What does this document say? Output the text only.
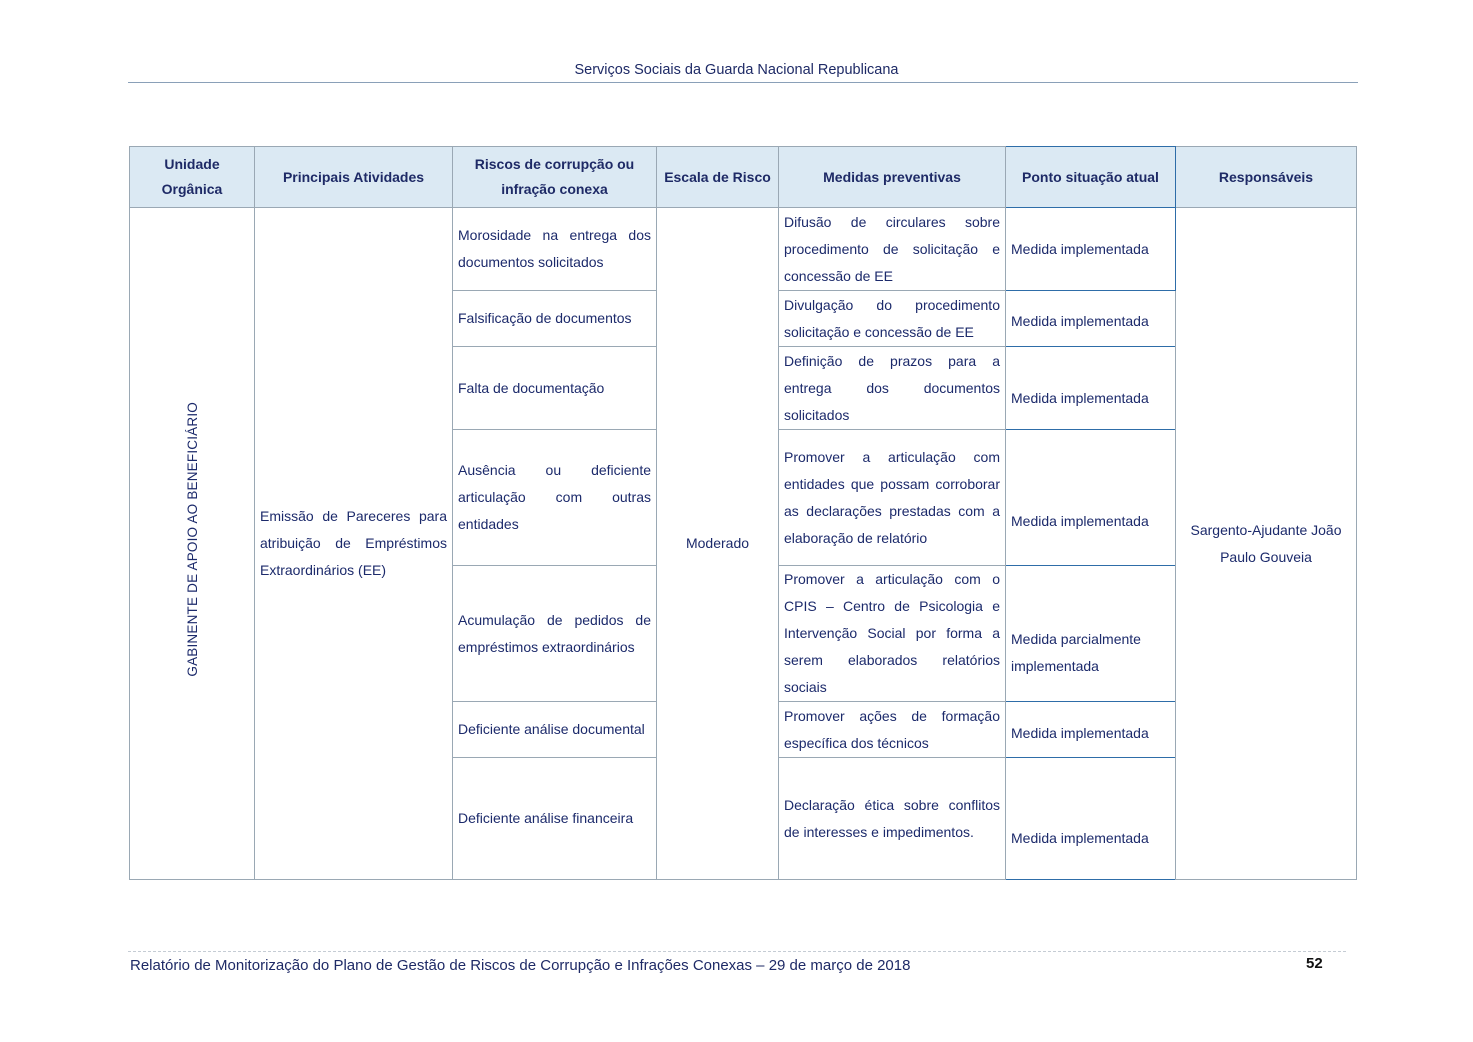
Serviços Sociais da Guarda Nacional Republicana
Unidade Orgânica	Principais Atividades	Riscos de corrupção ou infração conexa	Escala de Risco	Medidas preventivas	Ponto situação atual	Responsáveis
GABINENTE DE APOIO AO BENEFICIÁRIO	Emissão de Pareceres para atribuição de Empréstimos Extraordinários (EE)	Morosidade na entrega dos documentos solicitados	Moderado	Difusão de circulares sobre procedimento de solicitação e concessão de EE	Medida implementada	Sargento-Ajudante João Paulo Gouveia
		Falsificação de documentos		Divulgação do procedimento solicitação e concessão de EE	Medida implementada	
		Falta de documentação		Definição de prazos para a entrega dos documentos solicitados	Medida implementada	
		Ausência ou deficiente articulação com outras entidades		Promover a articulação com entidades que possam corroborar as declarações prestadas com a elaboração de relatório	Medida implementada	
		Acumulação de pedidos de empréstimos extraordinários		Promover a articulação com o CPIS – Centro de Psicologia e Intervenção Social por forma a serem elaborados relatórios sociais	Medida parcialmente implementada	
		Deficiente análise documental		Promover ações de formação específica dos técnicos	Medida implementada	
		Deficiente análise financeira		Declaração ética sobre conflitos de interesses e impedimentos.	Medida implementada	
Relatório de Monitorização do Plano de Gestão de Riscos de Corrupção e Infrações Conexas – 29 de março de 2018	52
